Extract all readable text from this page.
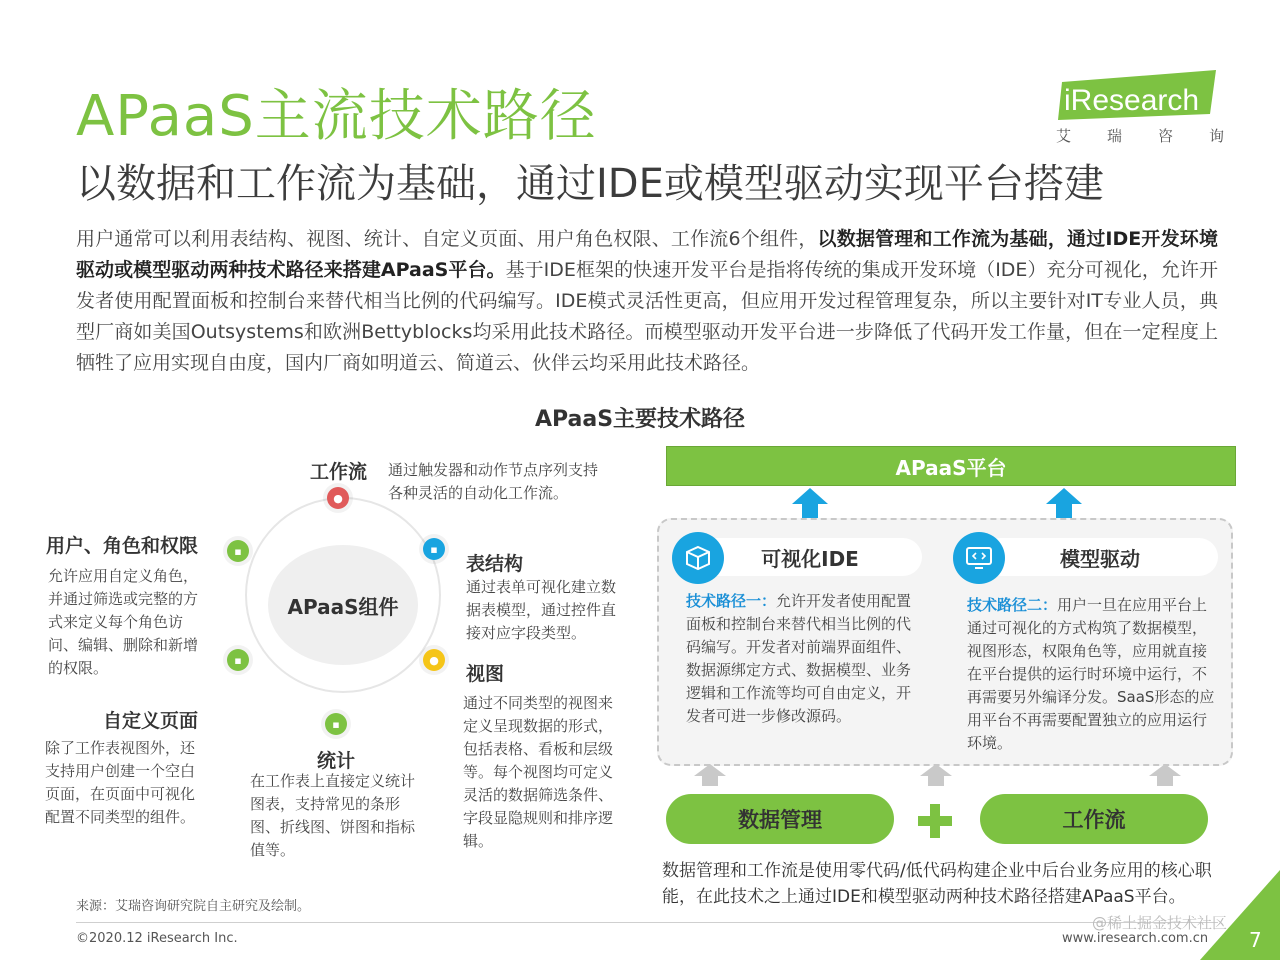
APaaS主流技术路径
以数据和工作流为基础，通过IDE或模型驱动实现平台搭建
iResearch
艾 瑞 咨 询
用户通常可以利用表结构、视图、统计、自定义页面、用户角色权限、工作流6个组件，以数据管理和工作流为基础，通过IDE开发环境驱动或模型驱动两种技术路径来搭建APaaS平台。基于IDE框架的快速开发平台是指将传统的集成开发环境（IDE）充分可视化，允许开发者使用配置面板和控制台来替代相当比例的代码编写。IDE模式灵活性更高，但应用开发过程管理复杂，所以主要针对IT专业人员，典型厂商如美国Outsystems和欧洲Bettyblocks均采用此技术路径。而模型驱动开发平台进一步降低了代码开发工作量，但在一定程度上牺牲了应用实现自由度，国内厂商如明道云、简道云、伙伴云均采用此技术路径。
APaaS主要技术路径
APaaS组件
●
▪
●
▪
▪
▪
工作流 通过触发器和动作节点序列支持各种灵活的自动化工作流。
表结构
通过表单可视化建立数据表模型，通过控件直接对应字段类型。
视图
通过不同类型的视图来定义呈现数据的形式，包括表格、看板和层级等。每个视图均可定义灵活的数据筛选条件、字段显隐规则和排序逻辑。
统计
在工作表上直接定义统计图表，支持常见的条形图、折线图、饼图和指标值等。
自定义页面
除了工作表视图外，还支持用户创建一个空白页面，在页面中可视化配置不同类型的组件。
用户、角色和权限
允许应用自定义角色，并通过筛选或完整的方式来定义每个角色访问、编辑、删除和新增的权限。
APaaS平台
可视化IDE	模型驱动
技术路径一：允许开发者使用配置面板和控制台来替代相当比例的代码编写。开发者对前端界面组件、数据源绑定方式、数据模型、业务逻辑和工作流等均可自由定义，开发者可进一步修改源码。
技术路径二：用户一旦在应用平台上通过可视化的方式构筑了数据模型，视图形态，权限角色等，应用就直接在平台提供的运行时环境中运行，不再需要另外编译分发。SaaS形态的应用平台不再需要配置独立的应用运行环境。
数据管理	工作流
数据管理和工作流是使用零代码/低代码构建企业中后台业务应用的核心职能，在此技术之上通过IDE和模型驱动两种技术路径搭建APaaS平台。
来源：艾瑞咨询研究院自主研究及绘制。
©2020.12 iResearch Inc.	www.iresearch.com.cn
@稀土掘金技术社区
7
